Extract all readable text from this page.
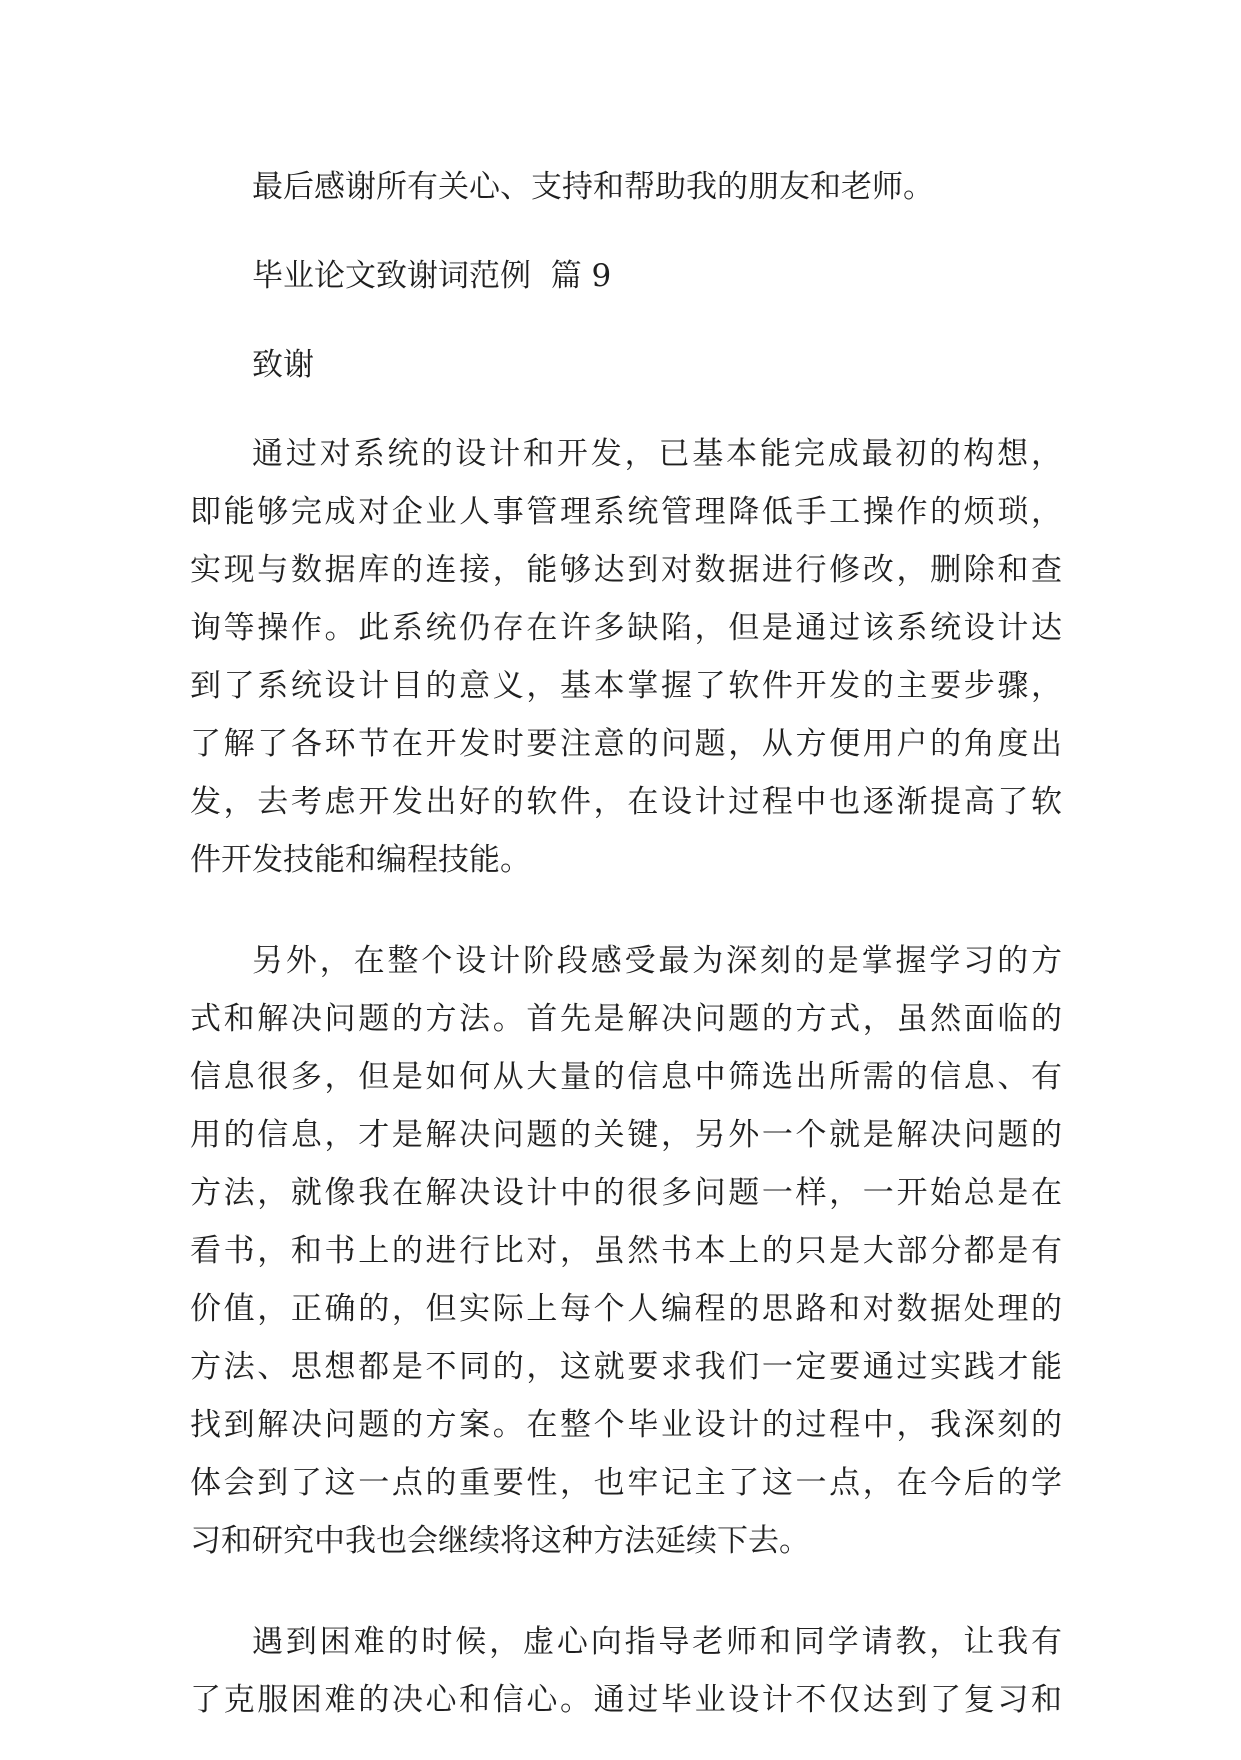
最后感谢所有关心、支持和帮助我的朋友和老师。

毕业论文致谢词范例  篇 9

致谢

通过对系统的设计和开发，已基本能完成最初的构想，
即能够完成对企业人事管理系统管理降低手工操作的烦琐，
实现与数据库的连接，能够达到对数据进行修改，删除和查
询等操作。此系统仍存在许多缺陷，但是通过该系统设计达
到了系统设计目的意义，基本掌握了软件开发的主要步骤，
了解了各环节在开发时要注意的问题，从方便用户的角度出
发，去考虑开发出好的软件，在设计过程中也逐渐提高了软
件开发技能和编程技能。

另外，在整个设计阶段感受最为深刻的是掌握学习的方
式和解决问题的方法。首先是解决问题的方式，虽然面临的
信息很多，但是如何从大量的信息中筛选出所需的信息、有
用的信息，才是解决问题的关键，另外一个就是解决问题的
方法，就像我在解决设计中的很多问题一样，一开始总是在
看书，和书上的进行比对，虽然书本上的只是大部分都是有
价值，正确的，但实际上每个人编程的思路和对数据处理的
方法、思想都是不同的，这就要求我们一定要通过实践才能
找到解决问题的方案。在整个毕业设计的过程中，我深刻的
体会到了这一点的重要性，也牢记主了这一点，在今后的学
习和研究中我也会继续将这种方法延续下去。

遇到困难的时候，虚心向指导老师和同学请教，让我有
了克服困难的决心和信心。通过毕业设计不仅达到了复习和
